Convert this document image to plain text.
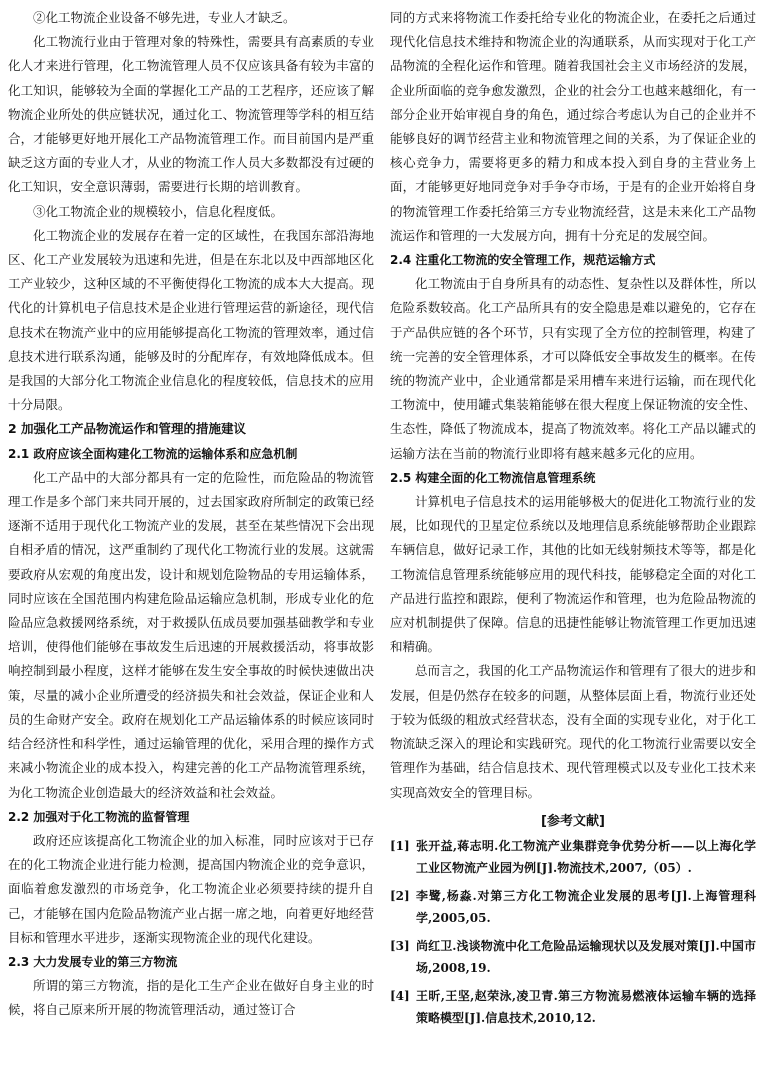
②化工物流企业设备不够先进，专业人才缺乏。

化工物流行业由于管理对象的特殊性，需要具有高素质的专业化人才来进行管理，化工物流管理人员不仅应该具备有较为丰富的化工知识，能够较为全面的掌握化工产品的工艺程序，还应该了解物流企业所处的供应链状况，通过化工、物流管理等学科的相互结合，才能够更好地开展化工产品物流管理工作。而目前国内是严重缺乏这方面的专业人才，从业的物流工作人员大多数都没有过硬的化工知识，安全意识薄弱，需要进行长期的培训教育。

③化工物流企业的规模较小，信息化程度低。

化工物流企业的发展存在着一定的区域性，在我国东部沿海地区、化工产业发展较为迅速和先进，但是在东北以及中西部地区化工产业较少，这种区域的不平衡使得化工物流的成本大大提高。现代化的计算机电子信息技术是企业进行管理运营的新途径，现代信息技术在物流产业中的应用能够提高化工物流的管理效率，通过信息技术进行联系沟通，能够及时的分配库存，有效地降低成本。但是我国的大部分化工物流企业信息化的程度较低，信息技术的应用十分局限。

2 加强化工产品物流运作和管理的措施建议
2.1 政府应该全面构建化工物流的运输体系和应急机制

化工产品中的大部分都具有一定的危险性，而危险品的物流管理工作是多个部门来共同开展的，过去国家政府所制定的政策已经逐渐不适用于现代化工物流产业的发展，甚至在某些情况下会出现自相矛盾的情况，这严重制约了现代化工物流行业的发展。这就需要政府从宏观的角度出发，设计和规划危险物品的专用运输体系，同时应该在全国范围内构建危险品运输应急机制，形成专业化的危险品应急救援网络系统，对于救援队伍成员要加强基础教学和专业培训，使得他们能够在事故发生后迅速的开展救援活动，将事故影响控制到最小程度，这样才能够在发生安全事故的时候快速做出决策，尽量的减小企业所遭受的经济损失和社会效益，保证企业和人员的生命财产安全。政府在规划化工产品运输体系的时候应该同时结合经济性和科学性，通过运输管理的优化，采用合理的操作方式来减小物流企业的成本投入，构建完善的化工产品物流管理系统，为化工物流企业创造最大的经济效益和社会效益。

2.2 加强对于化工物流的监督管理

政府还应该提高化工物流企业的加入标准，同时应该对于已存在的化工物流企业进行能力检测，提高国内物流企业的竞争意识，面临着愈发激烈的市场竞争，化工物流企业必须要持续的提升自己，才能够在国内危险品物流产业占据一席之地，向着更好地经营目标和管理水平进步，逐渐实现物流企业的现代化建设。

2.3 大力发展专业的第三方物流

所谓的第三方物流，指的是化工生产企业在做好自身主业的时候，将自己原来所开展的物流管理活动，通过签订合

同的方式来将物流工作委托给专业化的物流企业，在委托之后通过现代化信息技术维持和物流企业的沟通联系，从而实现对于化工产品物流的全程化运作和管理。随着我国社会主义市场经济的发展，企业所面临的竞争愈发激烈，企业的社会分工也越来越细化，有一部分企业开始审视自身的角色，通过综合考虑认为自己的企业并不能够良好的调节经营主业和物流管理之间的关系，为了保证企业的核心竞争力，需要将更多的精力和成本投入到自身的主营业务上面，才能够更好地同竞争对手争夺市场，于是有的企业开始将自身的物流管理工作委托给第三方专业物流经营，这是未来化工产品物流运作和管理的一大发展方向，拥有十分充足的发展空间。

2.4 注重化工物流的安全管理工作，规范运输方式

化工物流由于自身所具有的动态性、复杂性以及群体性，所以危险系数较高。化工产品所具有的安全隐患是难以避免的，它存在于产品供应链的各个环节，只有实现了全方位的控制管理，构建了统一完善的安全管理体系，才可以降低安全事故发生的概率。在传统的物流产业中，企业通常都是采用槽车来进行运输，而在现代化工物流中，使用罐式集装箱能够在很大程度上保证物流的安全性、生态性，降低了物流成本，提高了物流效率。将化工产品以罐式的运输方法在当前的物流行业即将有越来越多元化的应用。

2.5 构建全面的化工物流信息管理系统

计算机电子信息技术的运用能够极大的促进化工物流行业的发展，比如现代的卫星定位系统以及地理信息系统能够帮助企业跟踪车辆信息，做好记录工作，其他的比如无线射频技术等等，都是化工物流信息管理系统能够应用的现代科技，能够稳定全面的对化工产品进行监控和跟踪，便利了物流运作和管理，也为危险品物流的应对机制提供了保障。信息的迅捷性能够让物流管理工作更加迅速和精确。

总而言之，我国的化工产品物流运作和管理有了很大的进步和发展，但是仍然存在较多的问题，从整体层面上看，物流行业还处于较为低级的粗放式经营状态，没有全面的实现专业化，对于化工物流缺乏深入的理论和实践研究。现代的化工物流行业需要以安全管理作为基础，结合信息技术、现代管理模式以及专业化工技术来实现高效安全的管理目标。

[参考文献]
[1] 张开益,蒋志明.化工物流产业集群竞争优势分析——以上海化学工业区物流产业园为例[J].物流技术,2007,（05）.
[2] 李鹭,杨淼.对第三方化工物流企业发展的思考[J].上海管理科学,2005,05.
[3] 尚红卫.浅谈物流中化工危险品运输现状以及发展对策[J].中国市场,2008,19.
[4] 王昕,王坚,赵荣泳,凌卫青.第三方物流易燃液体运输车辆的选择策略模型[J].信息技术,2010,12.
